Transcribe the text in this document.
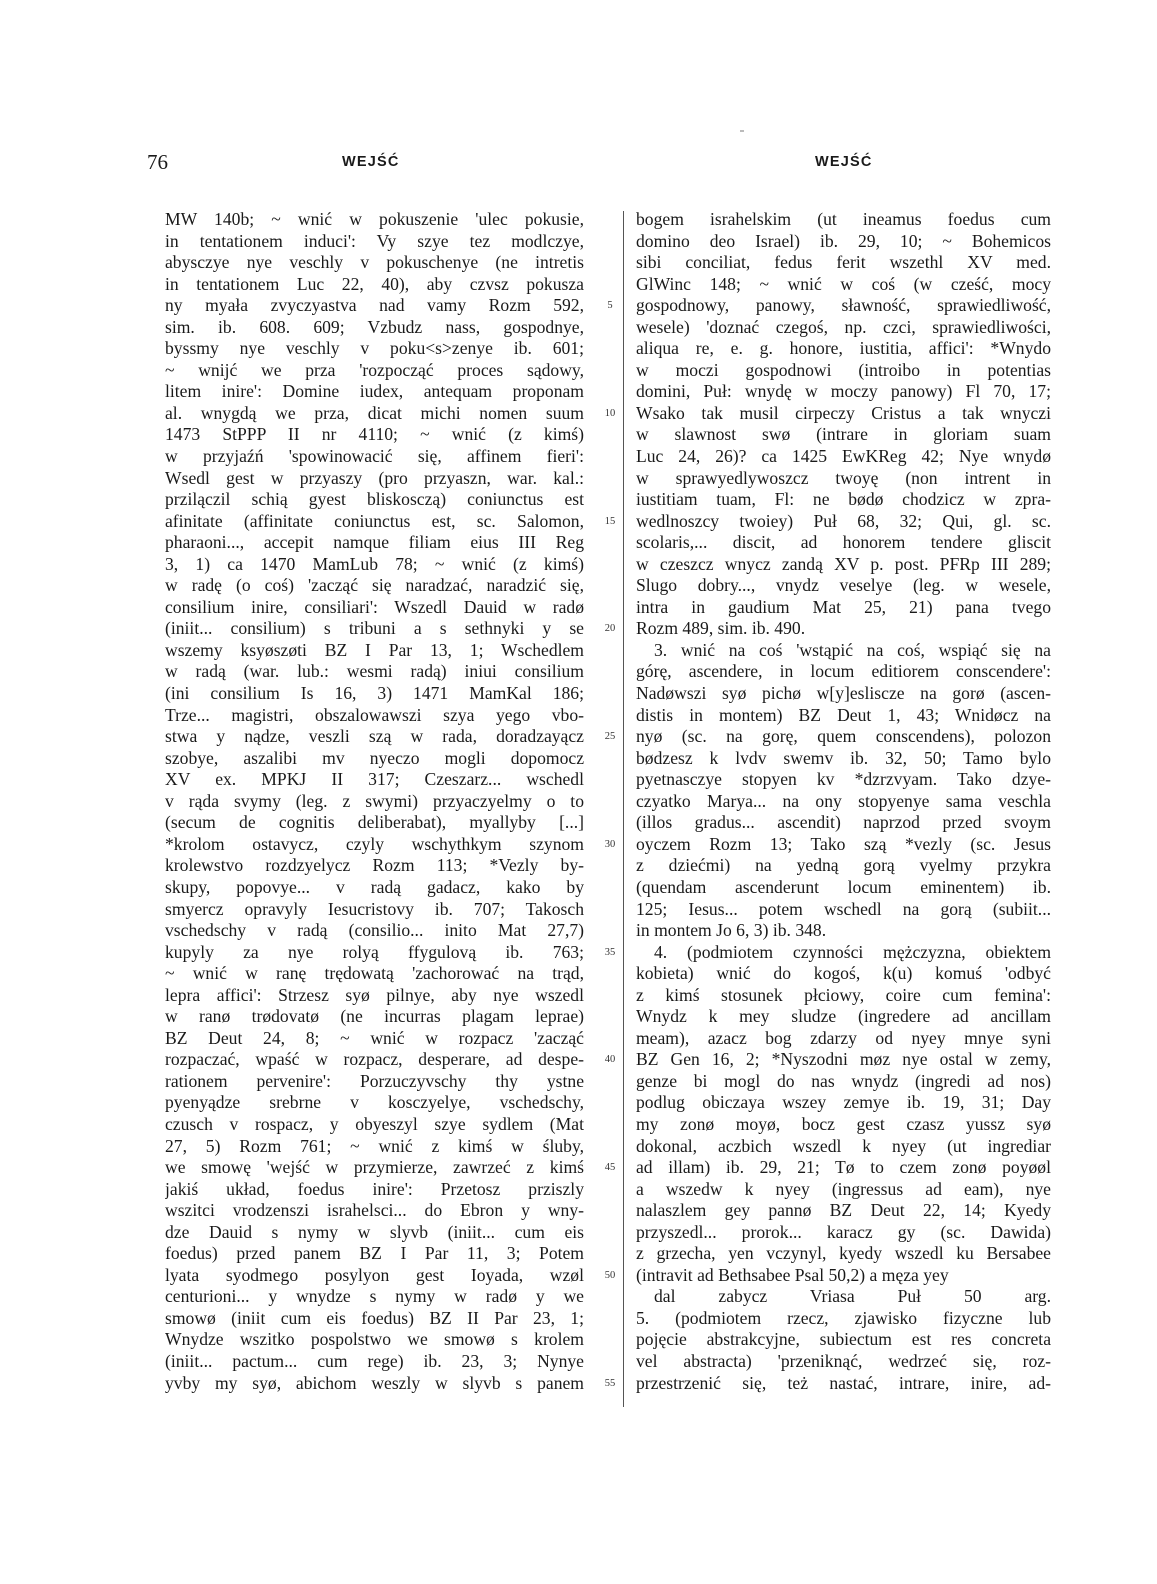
76	WEJŚĆ	WEJŚĆ
MW 140b; ~ wnić w pokuszenie 'ulec pokusie,
in tentationem induci': Vy szye tez modlczye,
abysczye nye veschly v pokuschenye (ne intretis
in tentationem Luc 22, 40), aby czvsz pokusza
ny myała zvyczyastva nad vamy Rozm 592,
sim. ib. 608. 609; Vzbudz nass, gospodnye,
byssmy nye veschly v poku<s>zenye ib. 601;
~ wnijć we prza 'rozpocząć proces sądowy,
litem inire': Domine iudex, antequam proponam
al. wnygdą we prza, dicat michi nomen suum
1473 StPPP II nr 4110; ~ wnić (z kimś)
w przyjaźń 'spowinowacić się, affinem fieri':
Wsedl gest w przyaszy (pro przyaszn, war. kal.:
przilączil schią gyest bliskosczą) coniunctus est
afinitate (affinitate coniunctus est, sc. Salomon,
pharaoni..., accepit namque filiam eius III Reg
3, 1) ca 1470 MamLub 78; ~ wnić (z kimś)
w radę (o coś) 'zacząć się naradzać, naradzić się,
consilium inire, consiliari': Wszedl Dauid w radø
(iniit... consilium) s tribuni a s sethnyki y se
wszemy ksyøszøti BZ I Par 13, 1; Wschedlem
w radą (war. lub.: wesmi radą) iniui consilium
(ini consilium Is 16, 3) 1471 MamKal 186;
Trze... magistri, obszalowawszi szya yego vbo-
stwa y nądze, veszli szą w rada, doradzayącz
szobye, aszalibi mv nyeczo mogli dopomocz
XV ex. MPKJ II 317; Czeszarz... wschedl
v rąda svymy (leg. z swymi) przyaczyelmy o to
(secum de cognitis deliberabat), myallyby [...]
*krolom ostavycz, czyly wschythkym szynom
krolewstvo rozdzyelycz Rozm 113; *Vezly by-
skupy, popovye... v radą gadacz, kako by
smyercz opravyly Iesucristovy ib. 707; Takosch
vschedschy v radą (consilio... inito Mat 27,7)
kupyly za nye rolyą ffygulovą ib. 763;
~ wnić w ranę trędowatą 'zachorować na trąd,
lepra affici': Strzesz syø pilnye, aby nye wszedl
w ranø trødovatø (ne incurras plagam leprae)
BZ Deut 24, 8; ~ wnić w rozpacz 'zacząć
rozpaczać, wpaść w rozpacz, desperare, ad despe-
rationem pervenire': Porzuczyvschy thy ystne
pyenyądze srebrne v kosczyelye, vschedschy,
czusch v rospacz, y obyeszyl szye sydlem (Mat
27, 5) Rozm 761; ~ wnić z kimś w śluby,
we smowę 'wejść w przymierze, zawrzeć z kimś
jakiś układ, foedus inire': Przetosz prziszly
wszitci vrodzenszi israhelsci... do Ebron y wny-
dze Dauid s nymy w slyvb (iniit... cum eis
foedus) przed panem BZ I Par 11, 3; Potem
lyata syodmego posylyon gest Ioyada, wzøl
centurioni... y wnydze s nymy w radø y we
smowø (iniit cum eis foedus) BZ II Par 23, 1;
Wnydze wszitko pospolstwo we smowø s krolem
(iniit... pactum... cum rege) ib. 23, 3; Nynye
yvby my syø, abichom weszly w slyvb s panem
5
10
15
20
25
30
35
40
45
50
55
bogem israhelskim (ut ineamus foedus cum
domino deo Israel) ib. 29, 10; ~ Bohemicos
sibi conciliat, fedus ferit wszethl XV med.
GlWinc 148; ~ wnić w coś (w cześć, mocy
gospodnowy, panowy, sławność, sprawiedliwość,
wesele) 'doznać czegoś, np. czci, sprawiedliwości,
aliqua re, e. g. honore, iustitia, affici': *Wnydo
w moczi gospodnowi (introibo in potentias
domini, Puł: wnydę w moczy panowy) Fl 70, 17;
Wsako tak musil cirpeczy Cristus a tak wnyczi
w slawnost swø (intrare in gloriam suam
Luc 24, 26)? ca 1425 EwKReg 42; Nye wnydø
w sprawyedlywoszcz twoyę (non intrent in
iustitiam tuam, Fl: ne bødø chodzicz w zpra-
wedlnoszcy twoiey) Puł 68, 32; Qui, gl. sc.
scolaris,... discit, ad honorem tendere gliscit
w czeszcz wnycz zandą XV p. post. PFRp III 289;
Slugo dobry..., vnydz veselye (leg. w wesele,
intra in gaudium Mat 25, 21) pana tvego
Rozm 489, sim. ib. 490.
3. wnić na coś 'wstąpić na coś, wspiąć się na
górę, ascendere, in locum editiorem conscendere':
Nadøwszi syø pichø w[y]eslisczе na gorø (ascen-
distis in montem) BZ Deut 1, 43; Wnidøcz na
nyø (sc. na gorę, quem conscendens), polozon
bødzesz k lvdv swemv ib. 32, 50; Tamo bylo
pyetnasczye stopyen kv *dzrzvyam. Tako dzye-
czyatko Marya... na ony stopyenye sama veschla
(illos gradus... ascendit) naprzod przed svoym
oyczem Rozm 13; Tako szą *vezly (sc. Jesus
z dziećmi) na yedną gorą vyelmy przykra
(quendam ascenderunt locum eminentem) ib.
125; Iesus... potem wschedl na gorą (subiit...
in montem Jo 6, 3) ib. 348.
4. (podmiotem czynności mężczyzna, obiektem
kobieta) wnić do kogoś, k(u) komuś 'odbyć
z kimś stosunek płciowy, coire cum femina':
Wnydz k mey sludze (ingredere ad ancillam
meam), azacz bog zdarzy od nyey mnye syni
BZ Gen 16, 2; *Nyszodni møz nye ostal w zemy,
genze bi mogl do nas wnydz (ingredi ad nos)
podlug obiczaya wszey zemye ib. 19, 31; Day
my zonø moyø, bocz gest czasz yussz syø
dokonal, aczbich wszedl k nyey (ut ingrediar
ad illam) ib. 29, 21; Tø to czem zonø poyøøl
a wszedw k nyey (ingressus ad eam), nye
nalaszlem gey pannø BZ Deut 22, 14; Kyedy
przyszedl... prorok... karacz gy (sc. Dawida)
z grzecha, yen vczynyl, kyedy wszedl ku Bersabee
(intravit ad Bethsabee Psal 50,2) a męza yey
dal zabycz Vriasa Puł 50 arg.
5. (podmiotem rzecz, zjawisko fizyczne lub
pojęcie abstrakcyjne, subiectum est res concreta
vel abstracta) 'przeniknąć, wedrzeć się, roz-
przestrzenić się, też nastać, intrare, inire, ad-
